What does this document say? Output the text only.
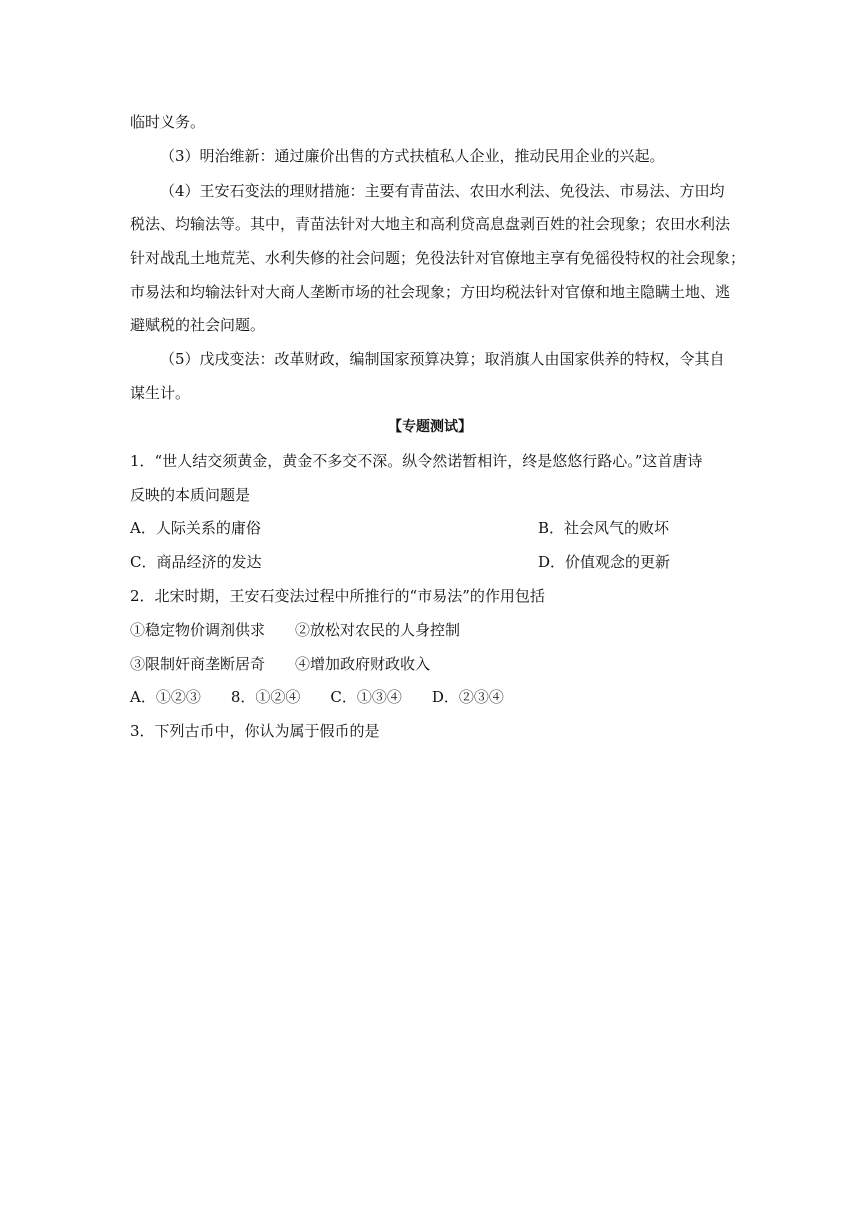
临时义务。
（3）明治维新：通过廉价出售的方式扶植私人企业，推动民用企业的兴起。
（4）王安石变法的理财措施：主要有青苗法、农田水利法、免役法、市易法、方田均
税法、均输法等。其中，青苗法针对大地主和高利贷高息盘剥百姓的社会现象；农田水利法
针对战乱土地荒芜、水利失修的社会问题；免役法针对官僚地主享有免徭役特权的社会现象；
市易法和均输法针对大商人垄断市场的社会现象；方田均税法针对官僚和地主隐瞒土地、逃
避赋税的社会问题。
（5）戊戌变法：改革财政，编制国家预算决算；取消旗人由国家供养的特权，令其自
谋生计。
【专题测试】
1．“世人结交须黄金，黄金不多交不深。纵令然诺暂相许，终是悠悠行路心。”这首唐诗
反映的本质问题是
A．人际关系的庸俗	B．社会风气的败坏
C．商品经济的发达	D．价值观念的更新
2．北宋时期，王安石变法过程中所推行的“市易法”的作用包括
①稳定物价调剂供求　　②放松对农民的人身控制
③限制奸商垄断居奇　　④增加政府财政收入
A．①②③　　8．①②④　　C．①③④　　D．②③④
3．下列古币中，你认为属于假币的是
